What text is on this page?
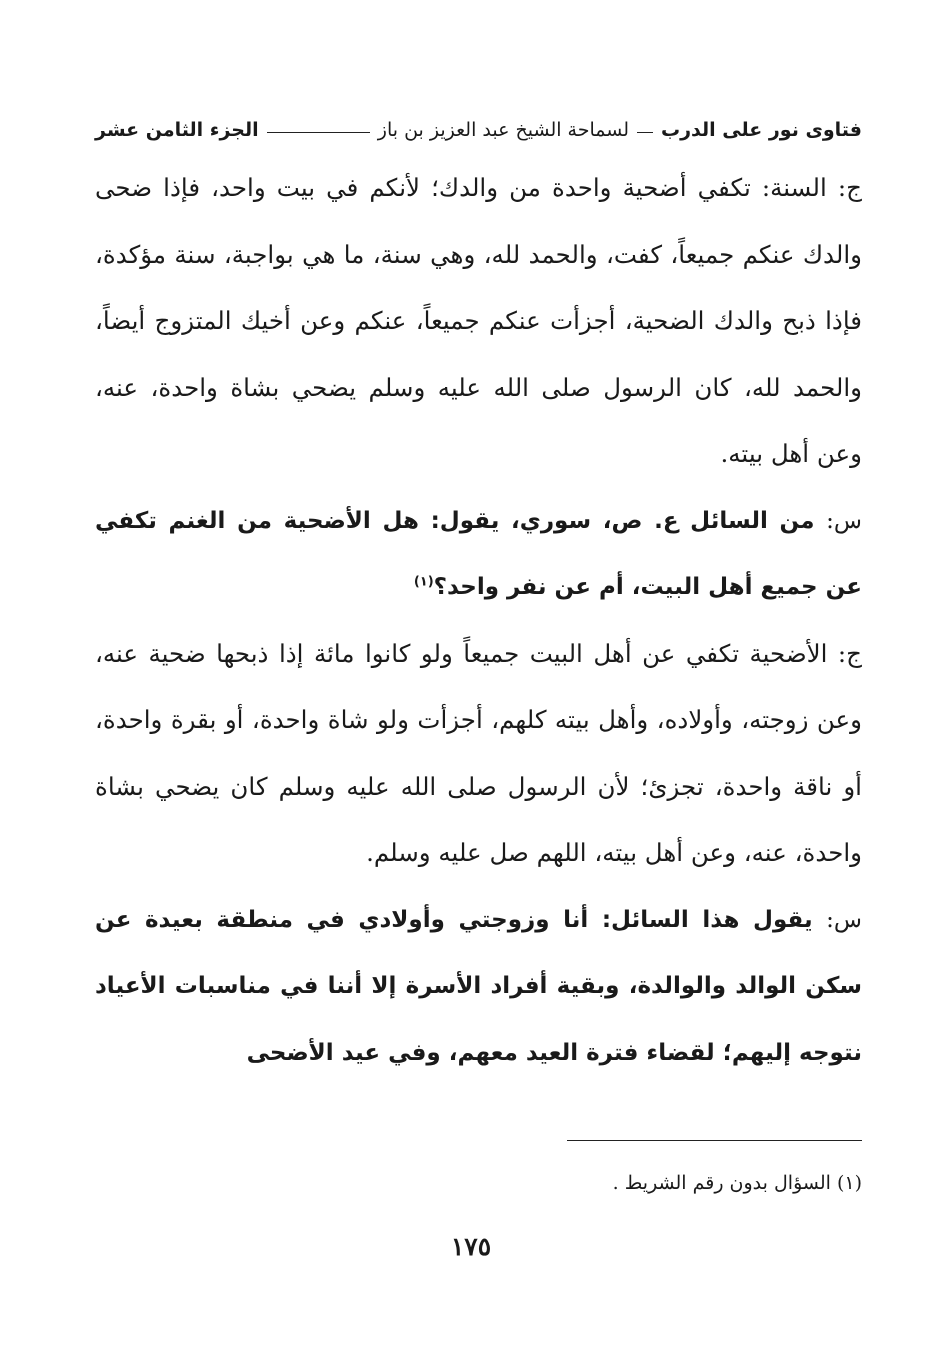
فتاوى نور على الدرب
لسماحة الشيخ عبد العزيز بن باز
الجزء الثامن عشر

ج: السنة: تكفي أضحية واحدة من والدك؛ لأنكم في بيت واحد، فإذا ضحى والدك عنكم جميعاً، كفت، والحمد لله، وهي سنة، ما هي بواجبة، سنة مؤكدة، فإذا ذبح والدك الضحية، أجزأت عنكم جميعاً، عنكم وعن أخيك المتزوج أيضاً، والحمد لله، كان الرسول صلى الله عليه وسلم يضحي بشاة واحدة، عنه، وعن أهل بيته.

س: من السائل ع. ص، سوري، يقول: هل الأضحية من الغنم تكفي عن جميع أهل البيت، أم عن نفر واحد؟$^{(١)}$

ج: الأضحية تكفي عن أهل البيت جميعاً ولو كانوا مائة إذا ذبحها ضحية عنه، وعن زوجته، وأولاده، وأهل بيته كلهم، أجزأت ولو شاة واحدة، أو بقرة واحدة، أو ناقة واحدة، تجزئ؛ لأن الرسول صلى الله عليه وسلم كان يضحي بشاة واحدة، عنه، وعن أهل بيته، اللهم صل عليه وسلم.

س: يقول هذا السائل: أنا وزوجتي وأولادي في منطقة بعيدة عن سكن الوالد والوالدة، وبقية أفراد الأسرة إلا أننا في مناسبات الأعياد نتوجه إليهم؛ لقضاء فترة العيد معهم، وفي عيد الأضحى

(١) السؤال بدون رقم الشريط .
١٧٥
